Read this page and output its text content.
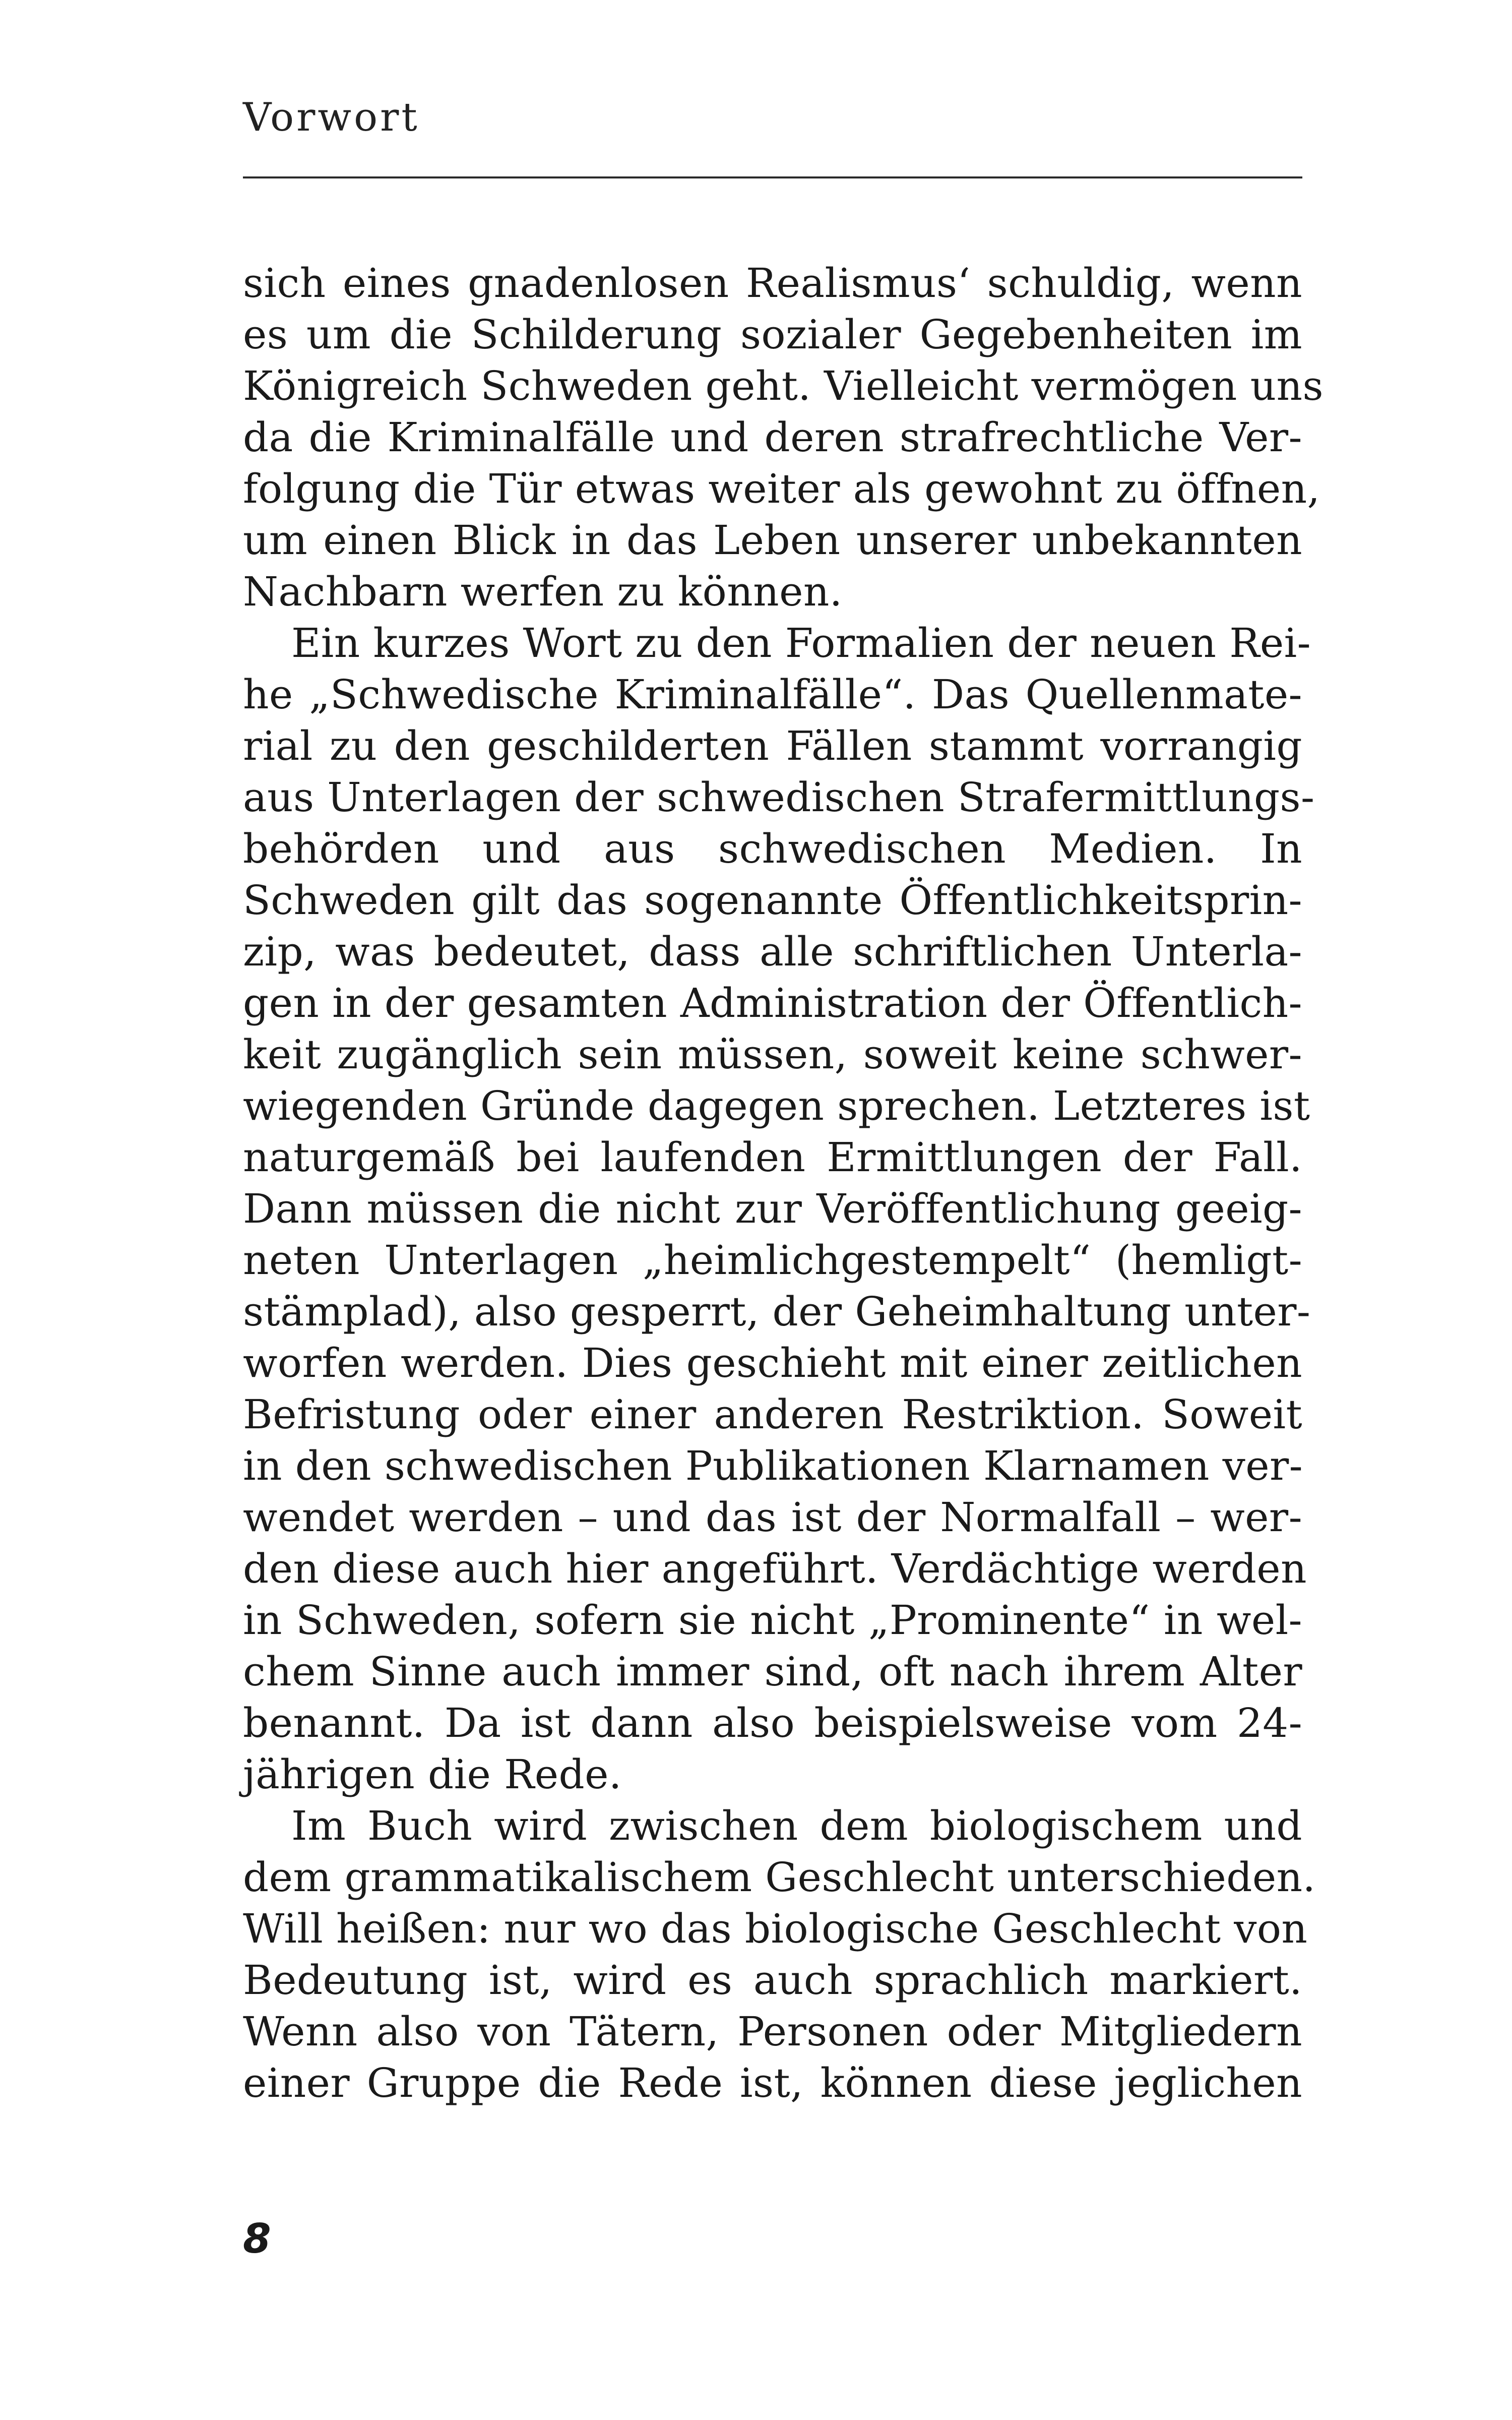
Vorwort
sich eines gnadenlosen Realismus‘ schuldig, wenn
es um die Schilderung sozialer Gegebenheiten im
Königreich Schweden geht. Vielleicht vermögen uns
da die Kriminalfälle und deren strafrechtliche Ver-
folgung die Tür etwas weiter als gewohnt zu öffnen,
um einen Blick in das Leben unserer unbekannten
Nachbarn werfen zu können.
Ein kurzes Wort zu den Formalien der neuen Rei-
he „Schwedische Kriminalfälle“. Das Quellenmate-
rial zu den geschilderten Fällen stammt vorrangig
aus Unterlagen der schwedischen Strafermittlungs-
behörden und aus schwedischen Medien. In
Schweden gilt das sogenannte Öffentlichkeitsprin-
zip, was bedeutet, dass alle schriftlichen Unterla-
gen in der gesamten Administration der Öffentlich-
keit zugänglich sein müssen, soweit keine schwer-
wiegenden Gründe dagegen sprechen. Letzteres ist
naturgemäß bei laufenden Ermittlungen der Fall.
Dann müssen die nicht zur Veröffentlichung geeig-
neten Unterlagen „heimlichgestempelt“ (hemligt-
stämplad), also gesperrt, der Geheimhaltung unter-
worfen werden. Dies geschieht mit einer zeitlichen
Befristung oder einer anderen Restriktion. Soweit
in den schwedischen Publikationen Klarnamen ver-
wendet werden – und das ist der Normalfall – wer-
den diese auch hier angeführt. Verdächtige werden
in Schweden, sofern sie nicht „Prominente“ in wel-
chem Sinne auch immer sind, oft nach ihrem Alter
benannt. Da ist dann also beispielsweise vom 24-
jährigen die Rede.
Im Buch wird zwischen dem biologischem und
dem grammatikalischem Geschlecht unterschieden.
Will heißen: nur wo das biologische Geschlecht von
Bedeutung ist, wird es auch sprachlich markiert.
Wenn also von Tätern, Personen oder Mitgliedern
einer Gruppe die Rede ist, können diese jeglichen
8
